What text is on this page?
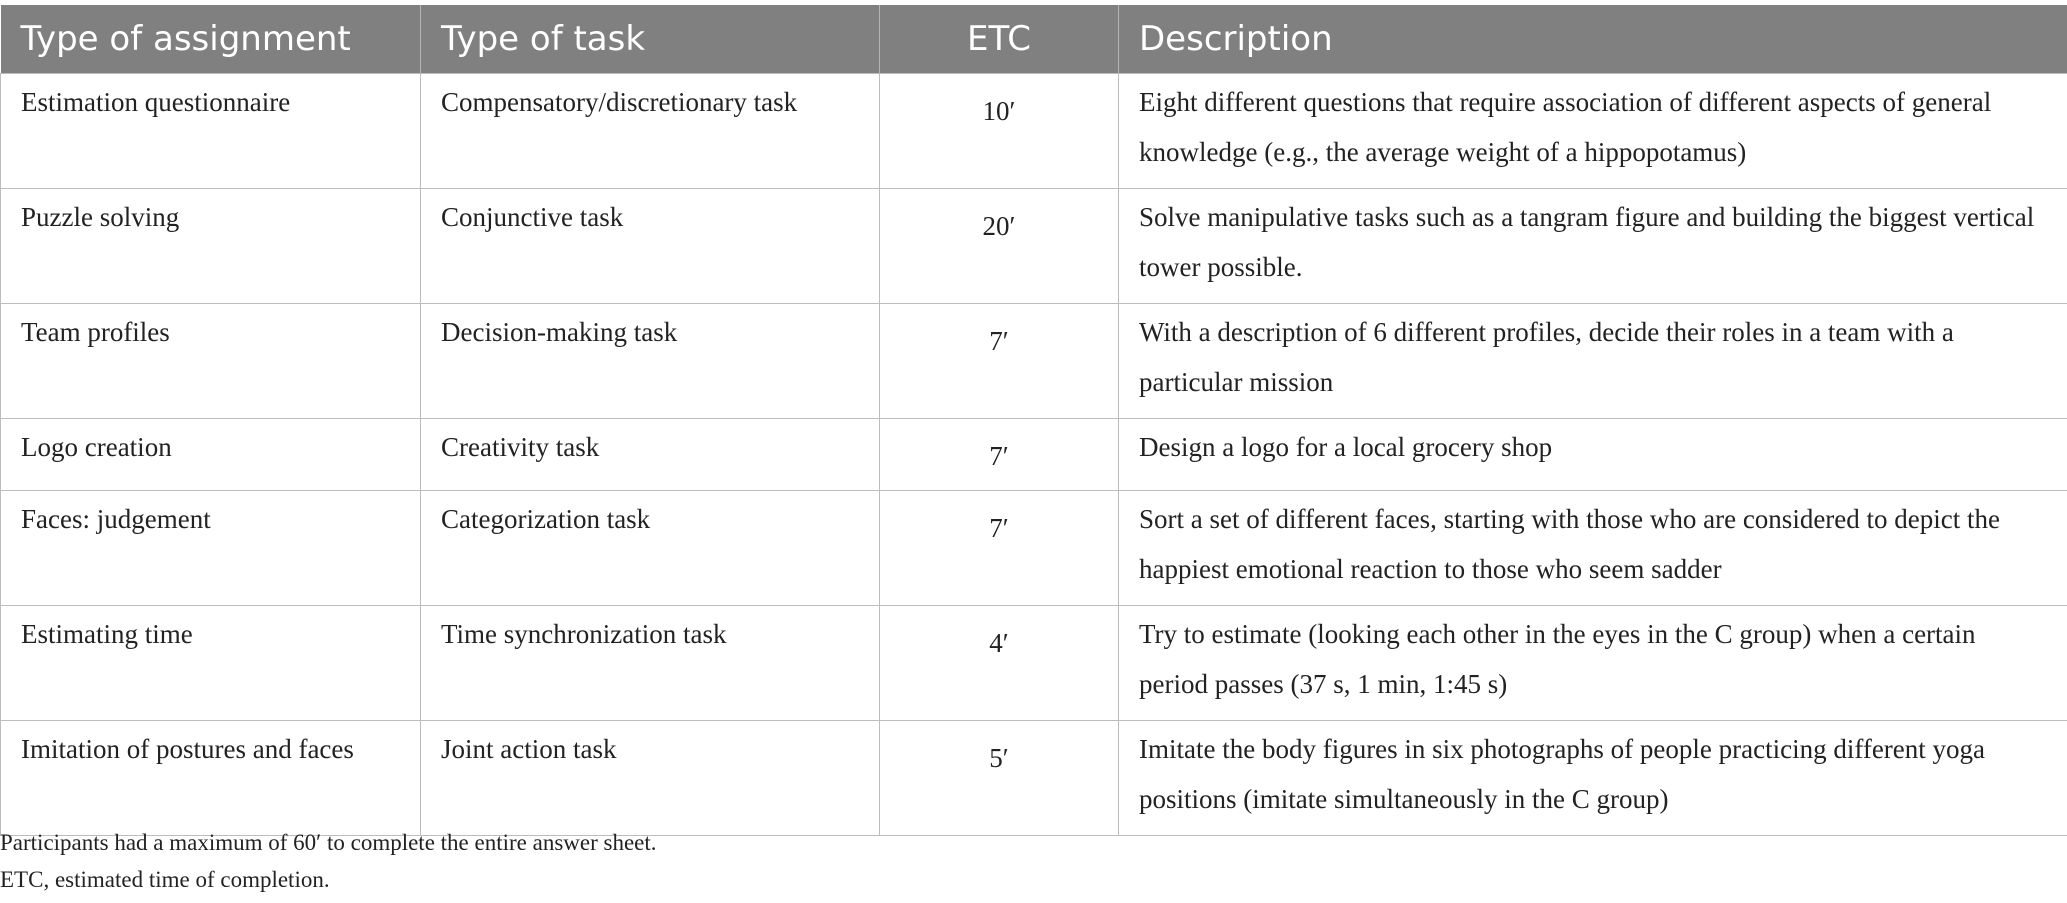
Type of assignment	Type of task	ETC	Description

Estimation questionnaire	Compensatory/discretionary task	10′	Eight different questions that require association of different aspects of general knowledge (e.g., the average weight of a hippopotamus)

Puzzle solving	Conjunctive task	20′	Solve manipulative tasks such as a tangram figure and building the biggest vertical tower possible.

Team profiles	Decision-making task	7′	With a description of 6 different profiles, decide their roles in a team with a particular mission

Logo creation	Creativity task	7′	Design a logo for a local grocery shop

Faces: judgement	Categorization task	7′	Sort a set of different faces, starting with those who are considered to depict the happiest emotional reaction to those who seem sadder

Estimating time	Time synchronization task	4′	Try to estimate (looking each other in the eyes in the C group) when a certain period passes (37 s, 1 min, 1:45 s)

Imitation of postures and faces	Joint action task	5′	Imitate the body figures in six photographs of people practicing different yoga positions (imitate simultaneously in the C group)
Participants had a maximum of 60′ to complete the entire answer sheet.
ETC, estimated time of completion.
